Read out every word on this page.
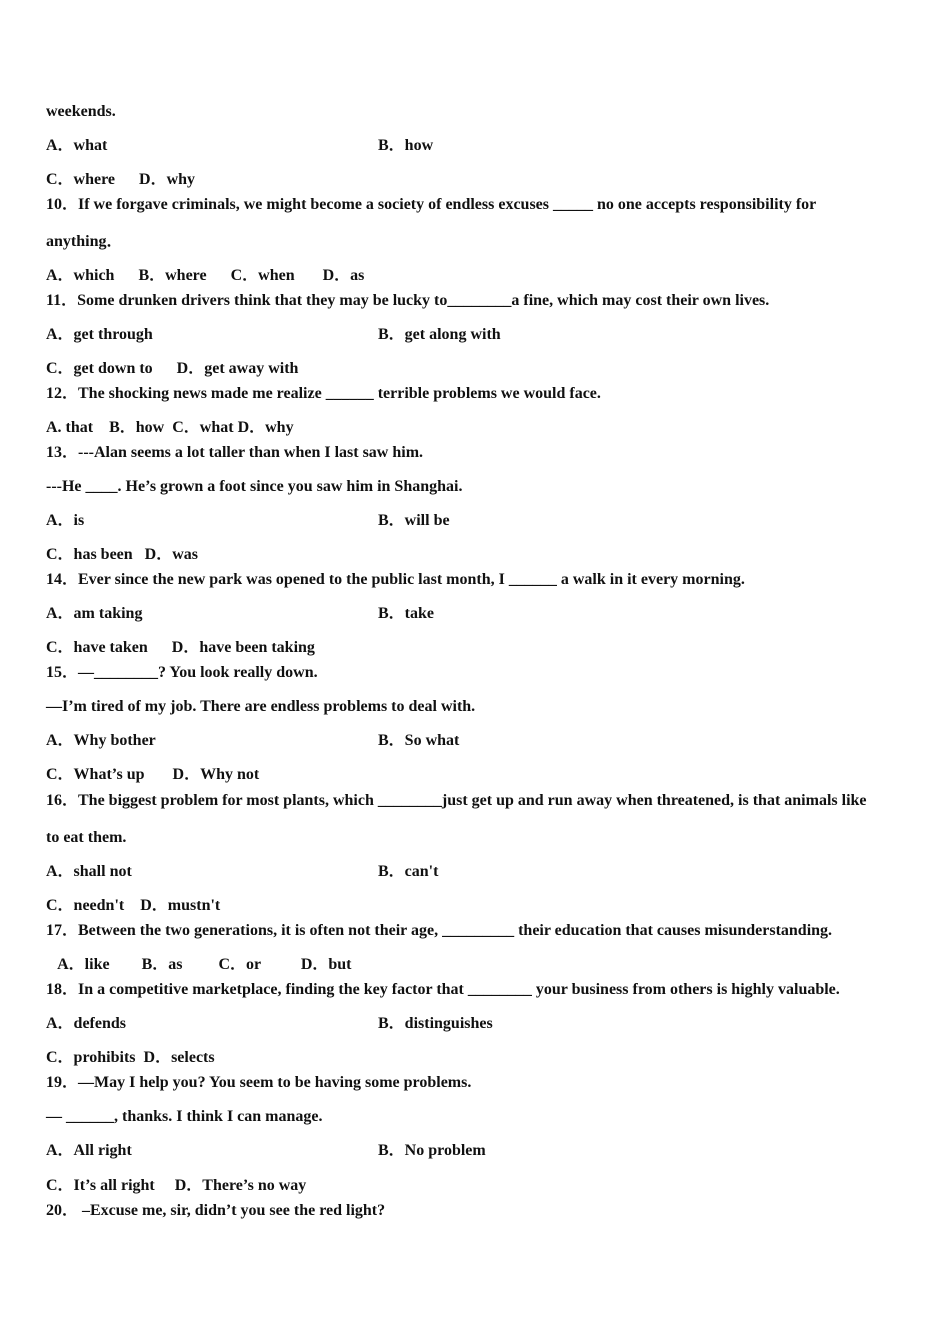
weekends.
A．what	B．how
C．where      D．why
10．If we forgave criminals, we might become a society of endless excuses _____ no one accepts responsibility for
anything．
A．which      B．where      C．when       D．as
11．Some drunken drivers think that they may be lucky to________a fine, which may cost their own lives.
A．get through	B．get along with
C．get down to      D．get away with
12．The shocking news made me realize ______ terrible problems we would face.
A. that    B．how  C．what D．why
13．---Alan seems a lot taller than when I last saw him.
---He ____. He’s grown a foot since you saw him in Shanghai.
A．is	B．will be
C．has been   D．was
14．Ever since the new park was opened to the public last month, I ______ a walk in it every morning.
A．am taking	B．take
C．have taken      D．have been taking
15．—________? You look really down.
—I’m tired of my job. There are endless problems to deal with.
A．Why bother	B．So what
C．What’s up       D．Why not
16．The biggest problem for most plants, which ________just get up and run away when threatened, is that animals like
to eat them.
A．shall not	B．can't
C．needn't    D．mustn't
17．Between the two generations, it is often not their age, _________ their education that causes misunderstanding.
A．like        B．as         C．or          D．but
18．In a competitive marketplace, finding the key factor that ________ your business from others is highly valuable.
A．defends	B．distinguishes
C．prohibits  D．selects
19．—May I help you? You seem to be having some problems.
— ______, thanks. I think I can manage.
A．All right	B．No problem
C．It’s all right     D．There’s no way
20． –Excuse me, sir, didn’t you see the red light?
